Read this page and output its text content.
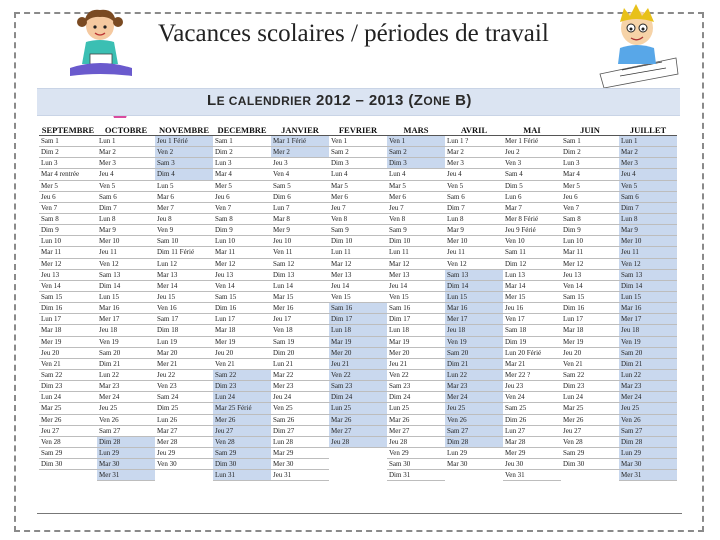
Vacances scolaires / périodes de travail
LE CALENDRIER 2012 – 2013 (ZONE B)
SEPTEMBRE
Sam 1
Dim 2
Lun 3
Mar 4 rentrée
Mer 5
Jeu 6
Ven 7
Sam 8
Dim 9
Lun 10
Mar 11
Mer 12
Jeu 13
Ven 14
Sam 15
Dim 16
Lun 17
Mar 18
Mer 19
Jeu 20
Ven 21
Sam 22
Dim 23
Lun 24
Mar 25
Mer 26
Jeu 27
Ven 28
Sam 29
Dim 30
OCTOBRE
Lun 1
Mar 2
Mer 3
Jeu 4
Ven 5
Sam 6
Dim 7
Lun 8
Mar 9
Mer 10
Jeu 11
Ven 12
Sam 13
Dim 14
Lun 15
Mar 16
Mer 17
Jeu 18
Ven 19
Sam 20
Dim 21
Lun 22
Mar 23
Mer 24
Jeu 25
Ven 26
Sam 27
Dim 28
Lun 29
Mar 30
Mer 31
NOVEMBRE
Jeu 1 Férié
Ven 2
Sam 3
Dim 4
Lun 5
Mar 6
Mer 7
Jeu 8
Ven 9
Sam 10
Dim 11 Férié
Lun 12
Mar 13
Mer 14
Jeu 15
Ven 16
Sam 17
Dim 18
Lun 19
Mar 20
Mer 21
Jeu 22
Ven 23
Sam 24
Dim 25
Lun 26
Mar 27
Mer 28
Jeu 29
Ven 30
DECEMBRE
Sam 1
Dim 2
Lun 3
Mar 4
Mer 5
Jeu 6
Ven 7
Sam 8
Dim 9
Lun 10
Mar 11
Mer 12
Jeu 13
Ven 14
Sam 15
Dim 16
Lun 17
Mar 18
Mer 19
Jeu 20
Ven 21
Sam 22
Dim 23
Lun 24
Mar 25 Férié
Mer 26
Jeu 27
Ven 28
Sam 29
Dim 30
Lun 31
JANVIER
Mar 1 Férié
Mer 2
Jeu 3
Ven 4
Sam 5
Dim 6
Lun 7
Mar 8
Mer 9
Jeu 10
Ven 11
Sam 12
Dim 13
Lun 14
Mar 15
Mer 16
Jeu 17
Ven 18
Sam 19
Dim 20
Lun 21
Mar 22
Mer 23
Jeu 24
Ven 25
Sam 26
Dim 27
Lun 28
Mar 29
Mer 30
Jeu 31
FEVRIER
Ven 1
Sam 2
Dim 3
Lun 4
Mar 5
Mer 6
Jeu 7
Ven 8
Sam 9
Dim 10
Lun 11
Mar 12
Mer 13
Jeu 14
Ven 15
Sam 16
Dim 17
Lun 18
Mar 19
Mer 20
Jeu 21
Ven 22
Sam 23
Dim 24
Lun 25
Mar 26
Mer 27
Jeu 28
MARS
Ven 1
Sam 2
Dim 3
Lun 4
Mar 5
Mer 6
Jeu 7
Ven 8
Sam 9
Dim 10
Lun 11
Mar 12
Mer 13
Jeu 14
Ven 15
Sam 16
Dim 17
Lun 18
Mar 19
Mer 20
Jeu 21
Ven 22
Sam 23
Dim 24
Lun 25
Mar 26
Mer 27
Jeu 28
Ven 29
Sam 30
Dim 31
AVRIL
Lun 1 ?
Mar 2
Mer 3
Jeu 4
Ven 5
Sam 6
Dim 7
Lun 8
Mar 9
Mer 10
Jeu 11
Ven 12
Sam 13
Dim 14
Lun 15
Mar 16
Mer 17
Jeu 18
Ven 19
Sam 20
Dim 21
Lun 22
Mar 23
Mer 24
Jeu 25
Ven 26
Sam 27
Dim 28
Lun 29
Mar 30
MAI
Mer 1 Férié
Jeu 2
Ven 3
Sam 4
Dim 5
Lun 6
Mar 7
Mer 8 Férié
Jeu 9 Férié
Ven 10
Sam 11
Dim 12
Lun 13
Mar 14
Mer 15
Jeu 16
Ven 17
Sam 18
Dim 19
Lun 20 Férié
Mar 21
Mer 22 ?
Jeu 23
Ven 24
Sam 25
Dim 26
Lun 27
Mar 28
Mer 29
Jeu 30
Ven 31
JUIN
Sam 1
Dim 2
Lun 3
Mar 4
Mer 5
Jeu 6
Ven 7
Sam 8
Dim 9
Lun 10
Mar 11
Mer 12
Jeu 13
Ven 14
Sam 15
Dim 16
Lun 17
Mar 18
Mer 19
Jeu 20
Ven 21
Sam 22
Dim 23
Lun 24
Mar 25
Mer 26
Jeu 27
Ven 28
Sam 29
Dim 30
JUILLET
Lun 1
Mar 2
Mer 3
Jeu 4
Ven 5
Sam 6
Dim 7
Lun 8
Mar 9
Mer 10
Jeu 11
Ven 12
Sam 13
Dim 14
Lun 15
Mar 16
Mer 17
Jeu 18
Ven 19
Sam 20
Dim 21
Lun 22
Mar 23
Mer 24
Jeu 25
Ven 26
Sam 27
Dim 28
Lun 29
Mar 30
Mer 31
